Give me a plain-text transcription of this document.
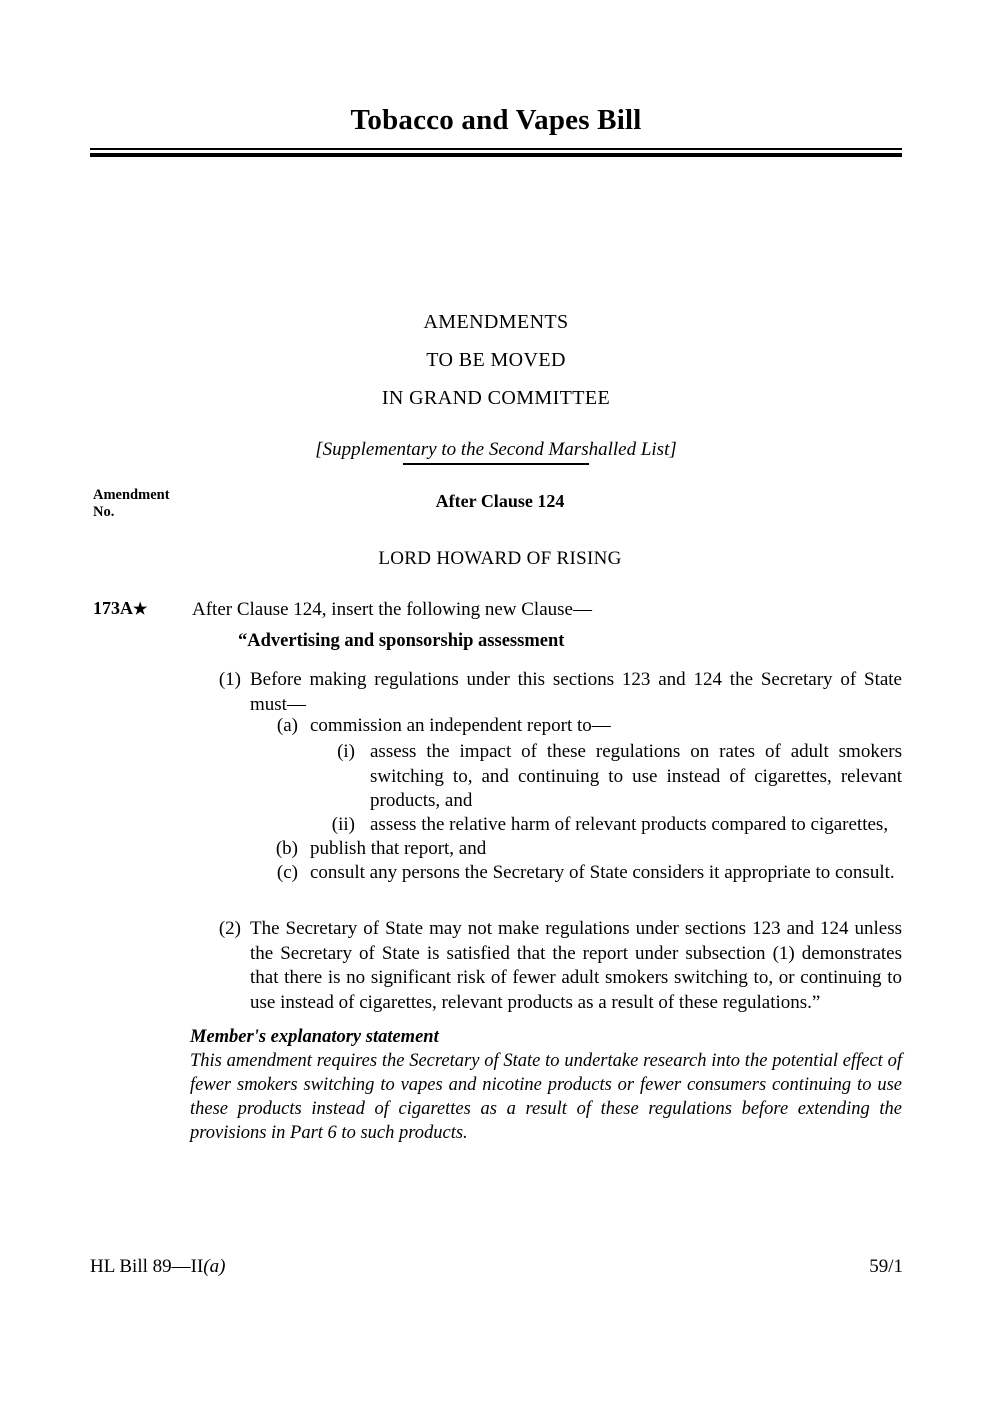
Tobacco and Vapes Bill
AMENDMENTS
TO BE MOVED
IN GRAND COMMITTEE
[Supplementary to the Second Marshalled List]
Amendment
No.
After Clause 124
LORD HOWARD OF RISING
173A★ After Clause 124, insert the following new Clause—
“Advertising and sponsorship assessment
(1) Before making regulations under this sections 123 and 124 the Secretary of State must—
(a) commission an independent report to—
(i) assess the impact of these regulations on rates of adult smokers switching to, and continuing to use instead of cigarettes, relevant products, and
(ii) assess the relative harm of relevant products compared to cigarettes,
(b) publish that report, and
(c) consult any persons the Secretary of State considers it appropriate to consult.
(2) The Secretary of State may not make regulations under sections 123 and 124 unless the Secretary of State is satisfied that the report under subsection (1) demonstrates that there is no significant risk of fewer adult smokers switching to, or continuing to use instead of cigarettes, relevant products as a result of these regulations.”
Member's explanatory statement
This amendment requires the Secretary of State to undertake research into the potential effect of fewer smokers switching to vapes and nicotine products or fewer consumers continuing to use these products instead of cigarettes as a result of these regulations before extending the provisions in Part 6 to such products.
HL Bill 89—II(a)	59/1
